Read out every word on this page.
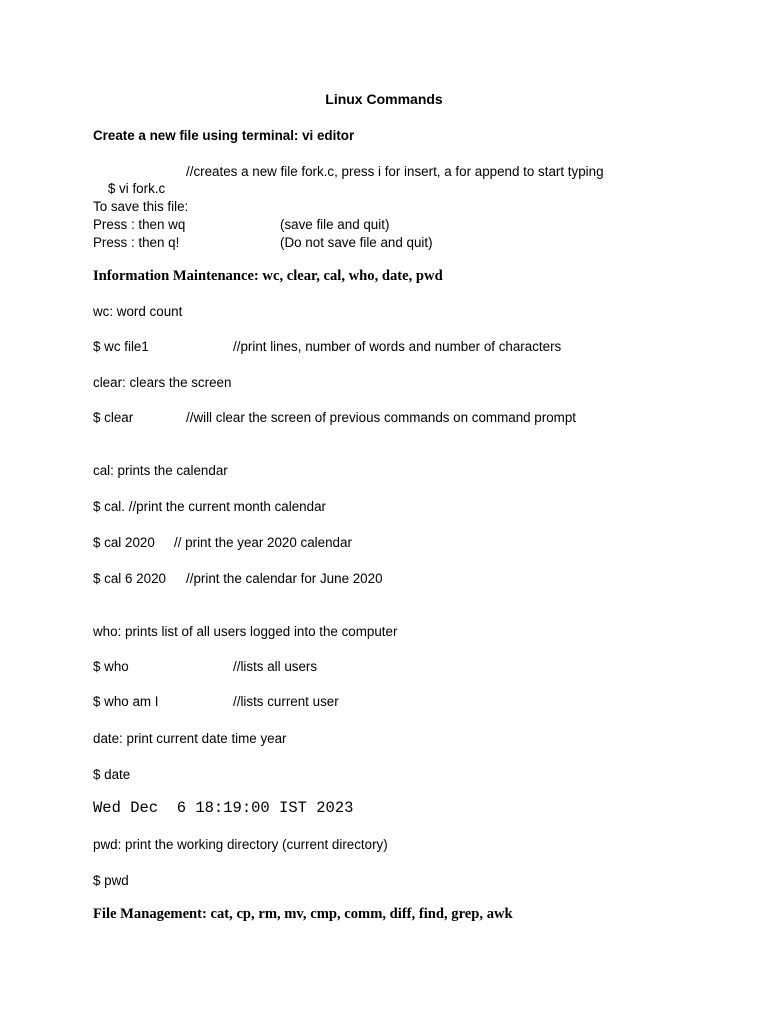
Linux Commands
Create a new file using terminal: vi editor

$ vi fork.c

//creates a new file fork.c, press i for insert, a for append to start typing
To save this file:
Press : then wq	(save file and quit)
Press : then q!	(Do not save file and quit)
Information Maintenance: wc, clear, cal, who, date, pwd
wc: word count
$ wc file1	//print lines, number of words and number of characters
clear: clears the screen
$ clear	//will clear the screen of previous commands on command prompt
cal: prints the calendar
$ cal. //print the current month calendar
$ cal 2020 // print the year 2020 calendar
$ cal 6 2020 //print the calendar for June 2020
who: prints list of all users logged into the computer
$ who	//lists all users
$ who am I	//lists current user
date: print current date time year
$ date
Wed Dec  6 18:19:00 IST 2023
pwd: print the working directory (current directory)
$ pwd
File Management: cat, cp, rm, mv, cmp, comm, diff, find, grep, awk
